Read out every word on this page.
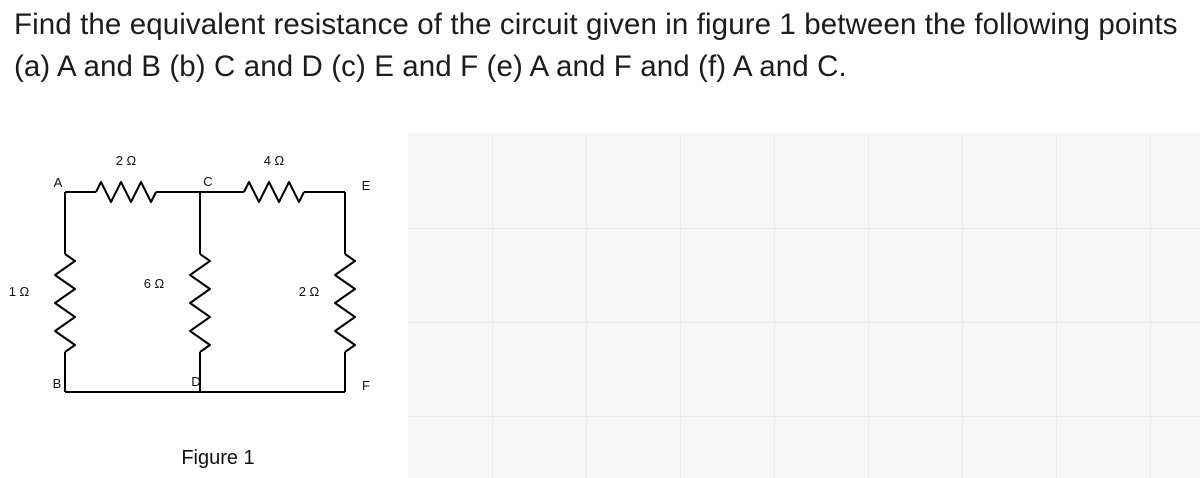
Find the equivalent resistance of the circuit given in figure 1 between the following points (a) A and B (b) C and D (c) E and F (e) A and F and (f) A and C.

2 Ω	4 Ω
1 Ω
6 Ω
2 Ω
A	C	E
B	D	F
Figure 1
